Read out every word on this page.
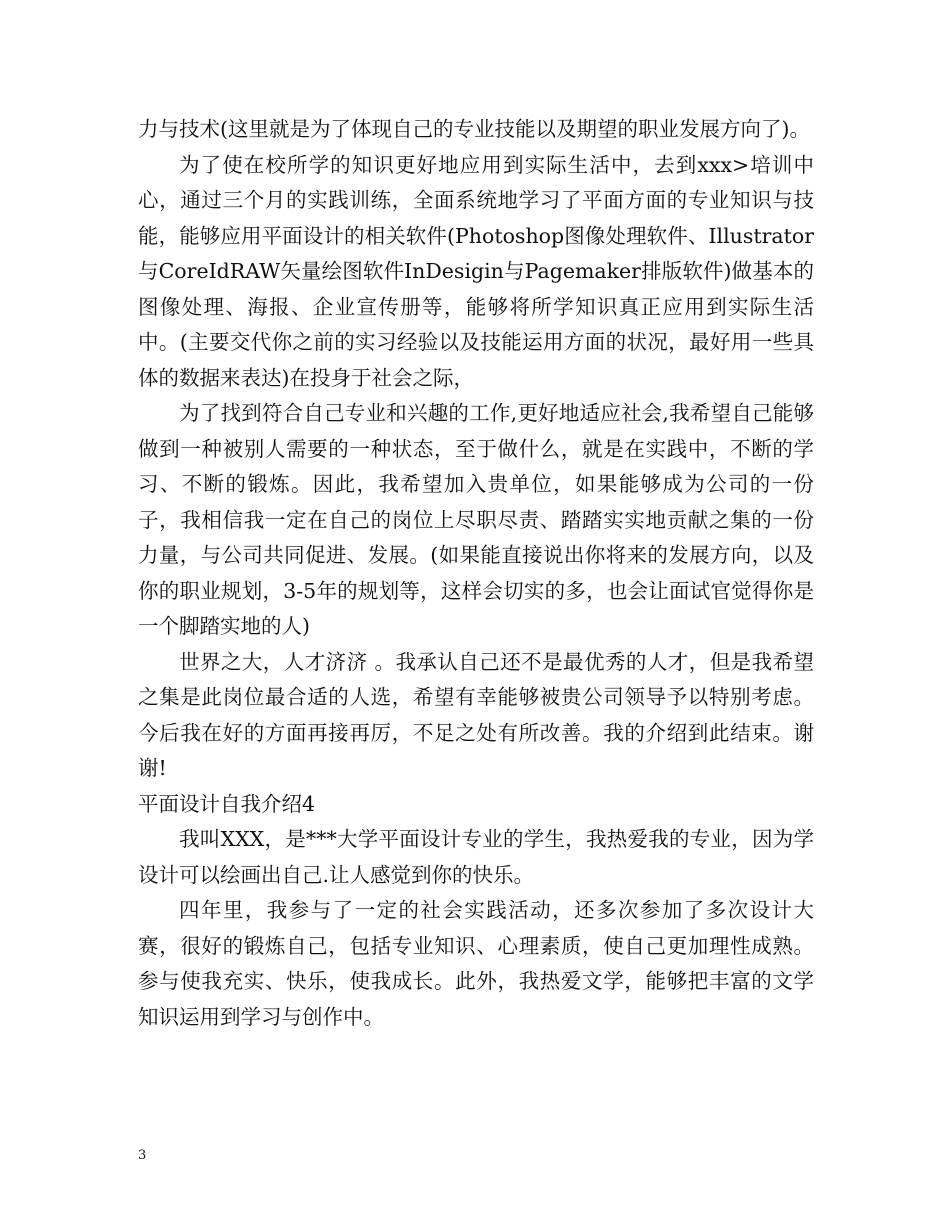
力与技术(这里就是为了体现自己的专业技能以及期望的职业发展方向了)。

为了使在校所学的知识更好地应用到实际生活中，去到xxx>培训中心，通过三个月的实践训练，全面系统地学习了平面方面的专业知识与技能，能够应用平面设计的相关软件(Photoshop图像处理软件、Illustrator与CoreIdRAW矢量绘图软件InDesigin与Pagemaker排版软件)做基本的图像处理、海报、企业宣传册等，能够将所学知识真正应用到实际生活中。(主要交代你之前的实习经验以及技能运用方面的状况，最好用一些具体的数据来表达)在投身于社会之际，

为了找到符合自己专业和兴趣的工作,更好地适应社会,我希望自己能够做到一种被别人需要的一种状态，至于做什么，就是在实践中，不断的学习、不断的锻炼。因此，我希望加入贵单位，如果能够成为公司的一份子，我相信我一定在自己的岗位上尽职尽责、踏踏实实地贡献之集的一份力量，与公司共同促进、发展。(如果能直接说出你将来的发展方向，以及你的职业规划，3-5年的规划等，这样会切实的多，也会让面试官觉得你是一个脚踏实地的人)

世界之大，人才济济 。我承认自己还不是最优秀的人才，但是我希望之集是此岗位最合适的人选，希望有幸能够被贵公司领导予以特别考虑。今后我在好的方面再接再厉，不足之处有所改善。我的介绍到此结束。谢谢!

平面设计自我介绍4

我叫XXX，是***大学平面设计专业的学生，我热爱我的专业，因为学设计可以绘画出自己.让人感觉到你的快乐。

四年里，我参与了一定的社会实践活动，还多次参加了多次设计大赛，很好的锻炼自己，包括专业知识、心理素质，使自己更加理性成熟。参与使我充实、快乐，使我成长。此外，我热爱文学，能够把丰富的文学知识运用到学习与创作中。

3
